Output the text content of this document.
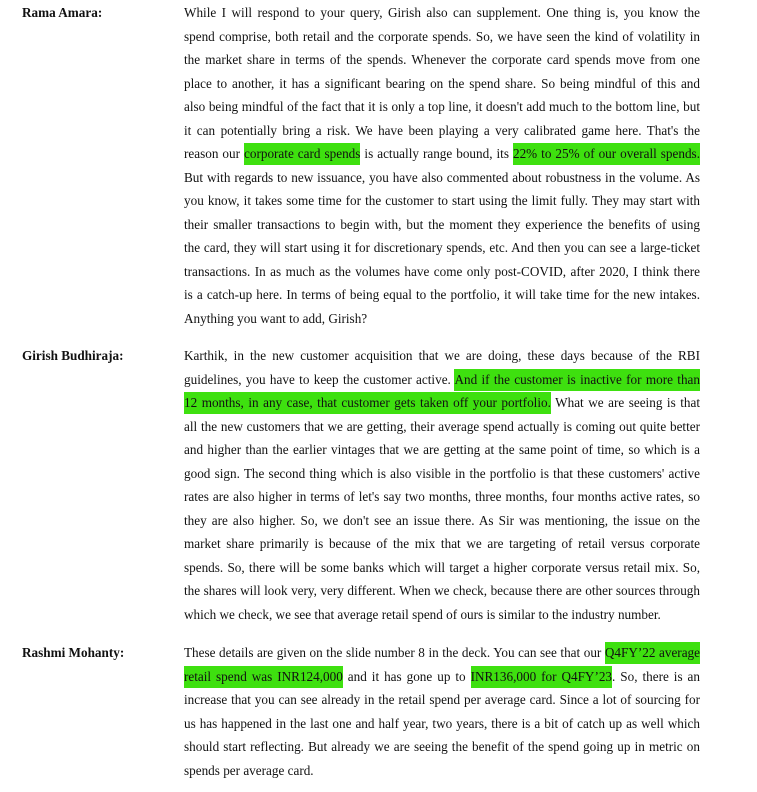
Rama Amara:	While I will respond to your query, Girish also can supplement. One thing is, you know the
spend comprise, both retail and the corporate spends. So, we have seen the kind of volatility in
the market share in terms of the spends. Whenever the corporate card spends move from one
place to another, it has a significant bearing on the spend share. So being mindful of this and
also being mindful of the fact that it is only a top line, it doesn't add much to the bottom line, but
it can potentially bring a risk. We have been playing a very calibrated game here. That's the
reason our corporate card spends is actually range bound, its 22% to 25% of our overall spends.
But with regards to new issuance, you have also commented about robustness in the volume. As
you know, it takes some time for the customer to start using the limit fully. They may start with
their smaller transactions to begin with, but the moment they experience the benefits of using
the card, they will start using it for discretionary spends, etc. And then you can see a large-ticket
transactions. In as much as the volumes have come only post-COVID, after 2020, I think there
is a catch-up here. In terms of being equal to the portfolio, it will take time for the new intakes.
Anything you want to add, Girish?
Girish Budhiraja:	Karthik, in the new customer acquisition that we are doing, these days because of the RBI
guidelines, you have to keep the customer active. And if the customer is inactive for more than
12 months, in any case, that customer gets taken off your portfolio. What we are seeing is that
all the new customers that we are getting, their average spend actually is coming out quite better
and higher than the earlier vintages that we are getting at the same point of time, so which is a
good sign. The second thing which is also visible in the portfolio is that these customers' active
rates are also higher in terms of let's say two months, three months, four months active rates, so
they are also higher. So, we don't see an issue there. As Sir was mentioning, the issue on the
market share primarily is because of the mix that we are targeting of retail versus corporate
spends. So, there will be some banks which will target a higher corporate versus retail mix. So,
the shares will look very, very different. When we check, because there are other sources through
which we check, we see that average retail spend of ours is similar to the industry number.
Rashmi Mohanty:	These details are given on the slide number 8 in the deck. You can see that our Q4FY’22 average
retail spend was INR124,000 and it has gone up to INR136,000 for Q4FY’23. So, there is an
increase that you can see already in the retail spend per average card. Since a lot of sourcing for
us has happened in the last one and half year, two years, there is a bit of catch up as well which
should start reflecting. But already we are seeing the benefit of the spend going up in metric on
spends per average card.
